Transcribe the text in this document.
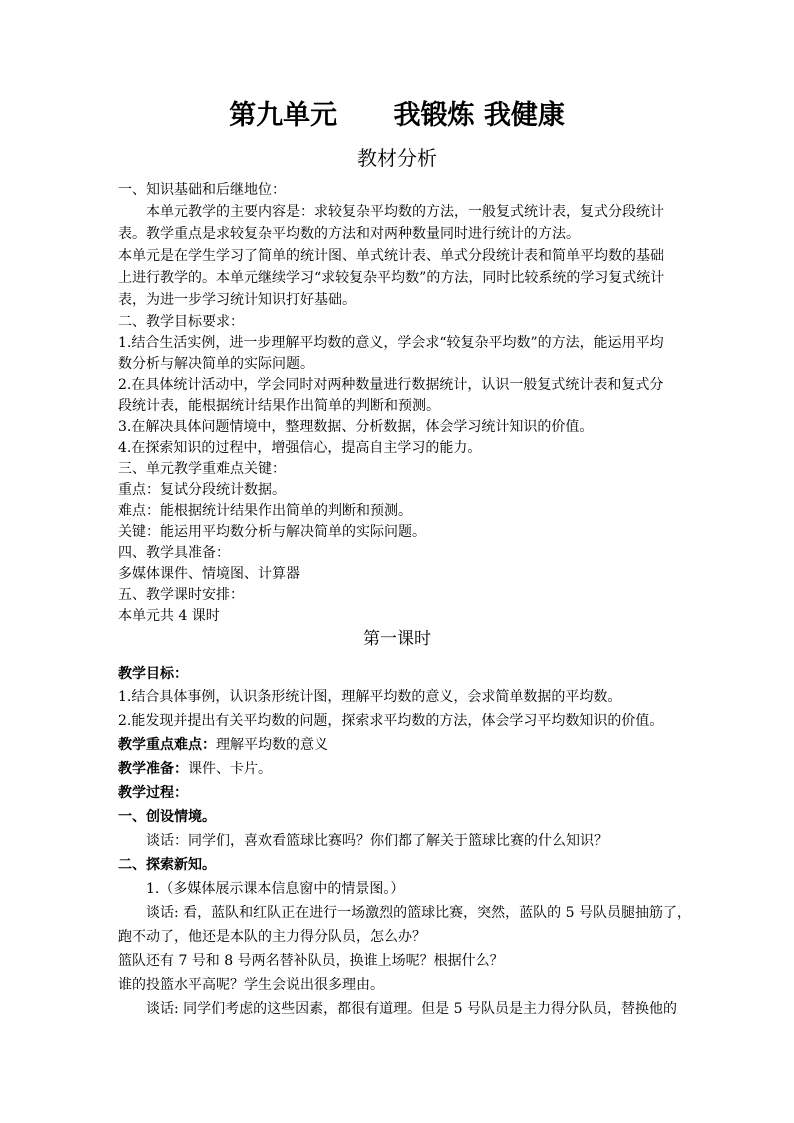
第九单元      我锻炼 我健康
教材分析
一、知识基础和后继地位：
本单元教学的主要内容是：求较复杂平均数的方法，一般复式统计表，复式分段统计
表。教学重点是求较复杂平均数的方法和对两种数量同时进行统计的方法。
本单元是在学生学习了简单的统计图、单式统计表、单式分段统计表和简单平均数的基础
上进行教学的。本单元继续学习“求较复杂平均数”的方法，同时比较系统的学习复式统计
表，为进一步学习统计知识打好基础。
二、教学目标要求：
1.结合生活实例，进一步理解平均数的意义，学会求“较复杂平均数”的方法，能运用平均
数分析与解决简单的实际问题。
2.在具体统计活动中，学会同时对两种数量进行数据统计，认识一般复式统计表和复式分
段统计表，能根据统计结果作出简单的判断和预测。
3.在解决具体问题情境中，整理数据、分析数据，体会学习统计知识的价值。
4.在探索知识的过程中，增强信心，提高自主学习的能力。
三、单元教学重难点关键：
重点：复试分段统计数据。
难点：能根据统计结果作出简单的判断和预测。
关键：能运用平均数分析与解决简单的实际问题。
四、教学具准备：
多媒体课件、情境图、计算器
五、教学课时安排：
本单元共 4 课时
第一课时
教学目标：
1.结合具体事例，认识条形统计图，理解平均数的意义，会求简单数据的平均数。
2.能发现并提出有关平均数的问题，探索求平均数的方法，体会学习平均数知识的价值。
教学重点难点：理解平均数的意义
教学准备：课件、卡片。
教学过程：
一、创设情境。
谈话：同学们，喜欢看篮球比赛吗？你们都了解关于篮球比赛的什么知识？
二、探索新知。
1.（多媒体展示课本信息窗中的情景图。）
谈话: 看，蓝队和红队正在进行一场激烈的篮球比赛，突然，蓝队的 5 号队员腿抽筋了，
跑不动了，他还是本队的主力得分队员，怎么办？
篮队还有 7 号和 8 号两名替补队员，换谁上场呢？根据什么？
谁的投篮水平高呢？学生会说出很多理由。
谈话: 同学们考虑的这些因素，都很有道理。但是 5 号队员是主力得分队员，替换他的
